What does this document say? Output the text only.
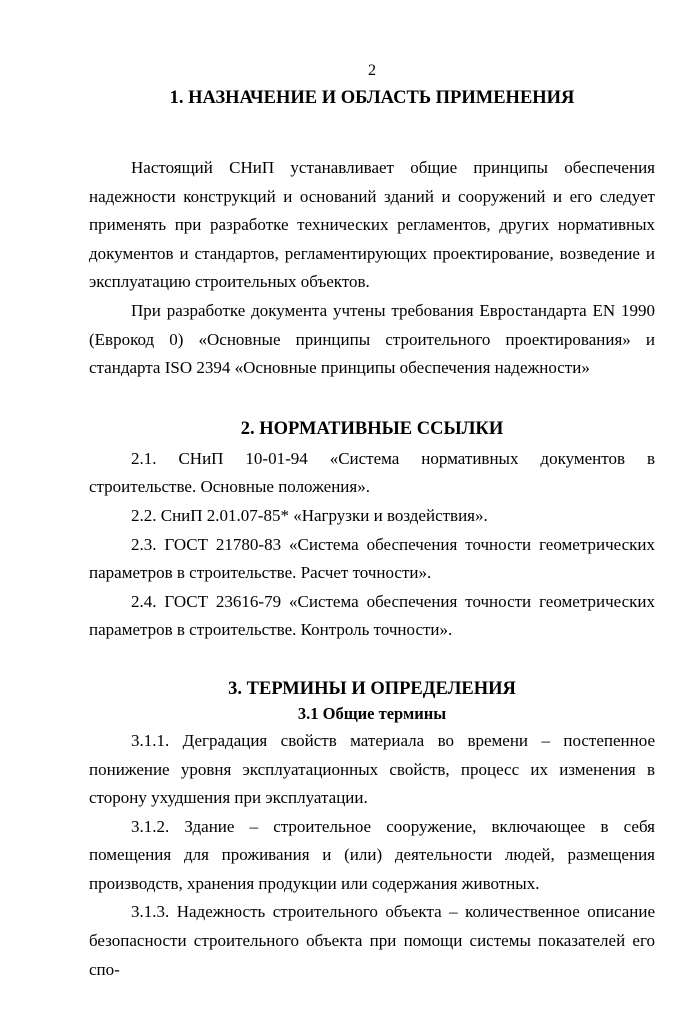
2
1. НАЗНАЧЕНИЕ И ОБЛАСТЬ ПРИМЕНЕНИЯ

Настоящий СНиП устанавливает общие принципы обеспечения надежности конструкций и оснований зданий и сооружений и его следует применять при разработке технических регламентов, других нормативных документов и стандартов, регламентирующих проектирование, возведение и эксплуатацию строительных объектов.

При разработке документа учтены требования Евростандарта EN 1990 (Еврокод 0) «Основные принципы строительного проектирования» и стандарта ISO 2394 «Основные принципы обеспечения надежности»

2. НОРМАТИВНЫЕ ССЫЛКИ

2.1. СНиП 10-01-94 «Система нормативных документов в строительстве. Основные положения».

2.2. СниП 2.01.07-85* «Нагрузки и воздействия».

2.3. ГОСТ 21780-83 «Система обеспечения точности геометрических параметров в строительстве. Расчет точности».

2.4. ГОСТ 23616-79 «Система обеспечения точности геометрических параметров в строительстве. Контроль точности».

3. ТЕРМИНЫ И ОПРЕДЕЛЕНИЯ
3.1 Общие термины

3.1.1. Деградация свойств материала во времени – постепенное понижение уровня эксплуатационных свойств, процесс их изменения в сторону ухудшения при эксплуатации.

3.1.2. Здание – строительное сооружение, включающее в себя помещения для проживания и (или) деятельности людей, размещения производств, хранения продукции или содержания животных.

3.1.3. Надежность строительного объекта – количественное описание безопасности строительного объекта при помощи системы показателей его спо-
